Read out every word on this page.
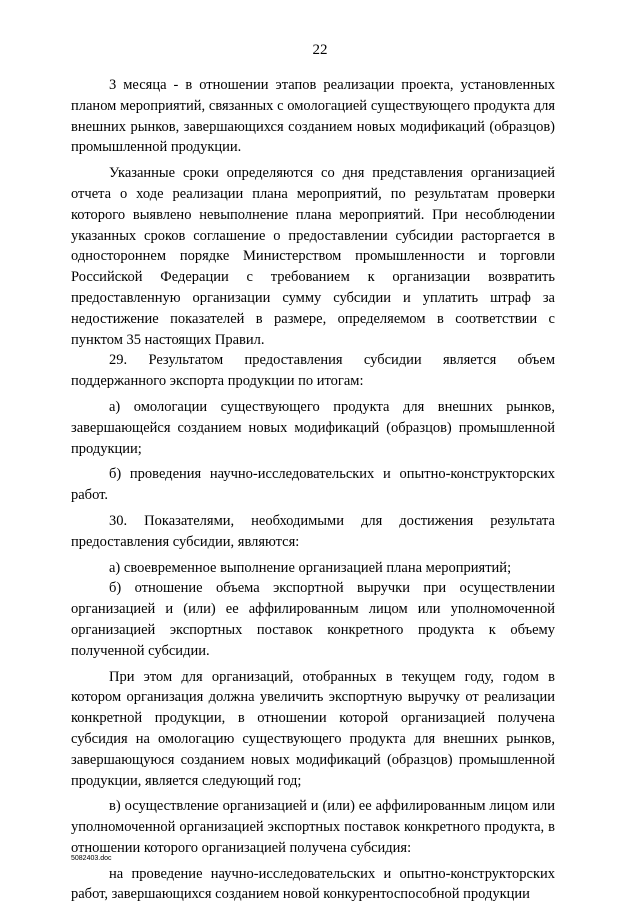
22

3 месяца - в отношении этапов реализации проекта, установленных планом мероприятий, связанных с омологацией существующего продукта для внешних рынков, завершающихся созданием новых модификаций (образцов) промышленной продукции.

Указанные сроки определяются со дня представления организацией отчета о ходе реализации плана мероприятий, по результатам проверки которого выявлено невыполнение плана мероприятий. При несоблюдении указанных сроков соглашение о предоставлении субсидии расторгается в одностороннем порядке Министерством промышленности и торговли Российской Федерации с требованием к организации возвратить предоставленную организации сумму субсидии и уплатить штраф за недостижение показателей в размере, определяемом в соответствии с пунктом 35 настоящих Правил.

29. Результатом предоставления субсидии является объем поддержанного экспорта продукции по итогам:

а) омологации существующего продукта для внешних рынков, завершающейся созданием новых модификаций (образцов) промышленной продукции;

б) проведения научно-исследовательских и опытно-конструкторских работ.

30. Показателями, необходимыми для достижения результата предоставления субсидии, являются:

а) своевременное выполнение организацией плана мероприятий;

б) отношение объема экспортной выручки при осуществлении организацией и (или) ее аффилированным лицом или уполномоченной организацией экспортных поставок конкретного продукта к объему полученной субсидии.

При этом для организаций, отобранных в текущем году, годом в котором организация должна увеличить экспортную выручку от реализации конкретной продукции, в отношении которой организацией получена субсидия на омологацию существующего продукта для внешних рынков, завершающуюся созданием новых модификаций (образцов) промышленной продукции, является следующий год;

в) осуществление организацией и (или) ее аффилированным лицом или уполномоченной организацией экспортных поставок конкретного продукта, в отношении которого организацией получена субсидия:

на проведение научно-исследовательских и опытно-конструкторских работ, завершающихся созданием новой конкурентоспособной продукции

5082403.doc
